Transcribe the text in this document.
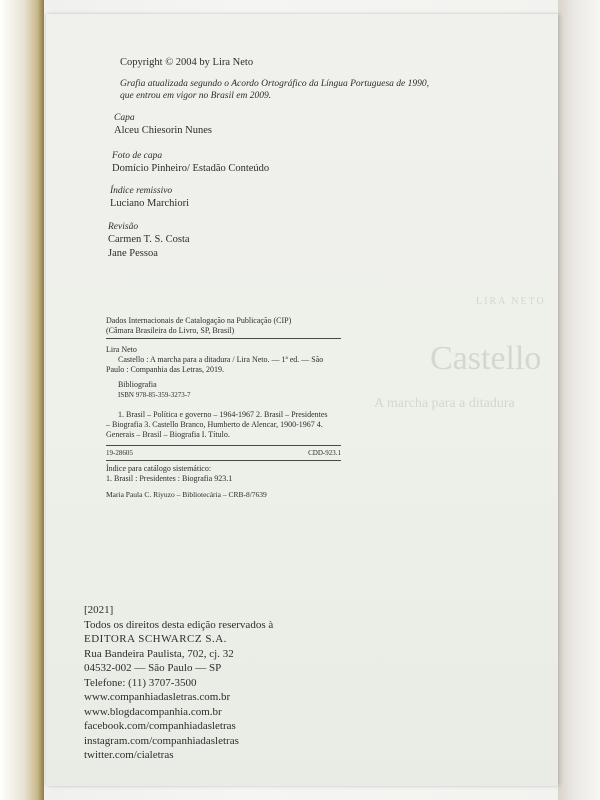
LIRA NETO
Castello
A marcha para a ditadura
Copyright © 2004 by Lira Neto
Grafia atualizada segundo o Acordo Ortográfico da Língua Portuguesa de 1990,
que entrou em vigor no Brasil em 2009.
Capa
Alceu Chiesorin Nunes
Foto de capa
Domício Pinheiro/ Estadão Conteúdo
Índice remissivo
Luciano Marchiori
Revisão
Carmen T. S. Costa
Jane Pessoa
Dados Internacionais de Catalogação na Publicação (CIP)
(Câmara Brasileira do Livro, SP, Brasil)
Lira Neto
Castello : A marcha para a ditadura / Lira Neto. — 1ª ed. — São
Paulo : Companhia das Letras, 2019.
Bibliografia
ISBN 978-85-359-3273-7
1. Brasil – Política e governo – 1964-1967 2. Brasil – Presidentes
– Biografia 3. Castello Branco, Humberto de Alencar, 1900-1967 4.
Generais – Brasil – Biografia I. Título.
19-28605	CDD-923.1
Índice para catálogo sistemático:
1. Brasil : Presidentes : Biografia 923.1
Maria Paula C. Riyuzo – Bibliotecária – CRB-8/7639
[2021]
Todos os direitos desta edição reservados à
EDITORA SCHWARCZ S.A.
Rua Bandeira Paulista, 702, cj. 32
04532-002 — São Paulo — SP
Telefone: (11) 3707-3500
www.companhiadasletras.com.br
www.blogdacompanhia.com.br
facebook.com/companhiadasletras
instagram.com/companhiadasletras
twitter.com/cialetras
